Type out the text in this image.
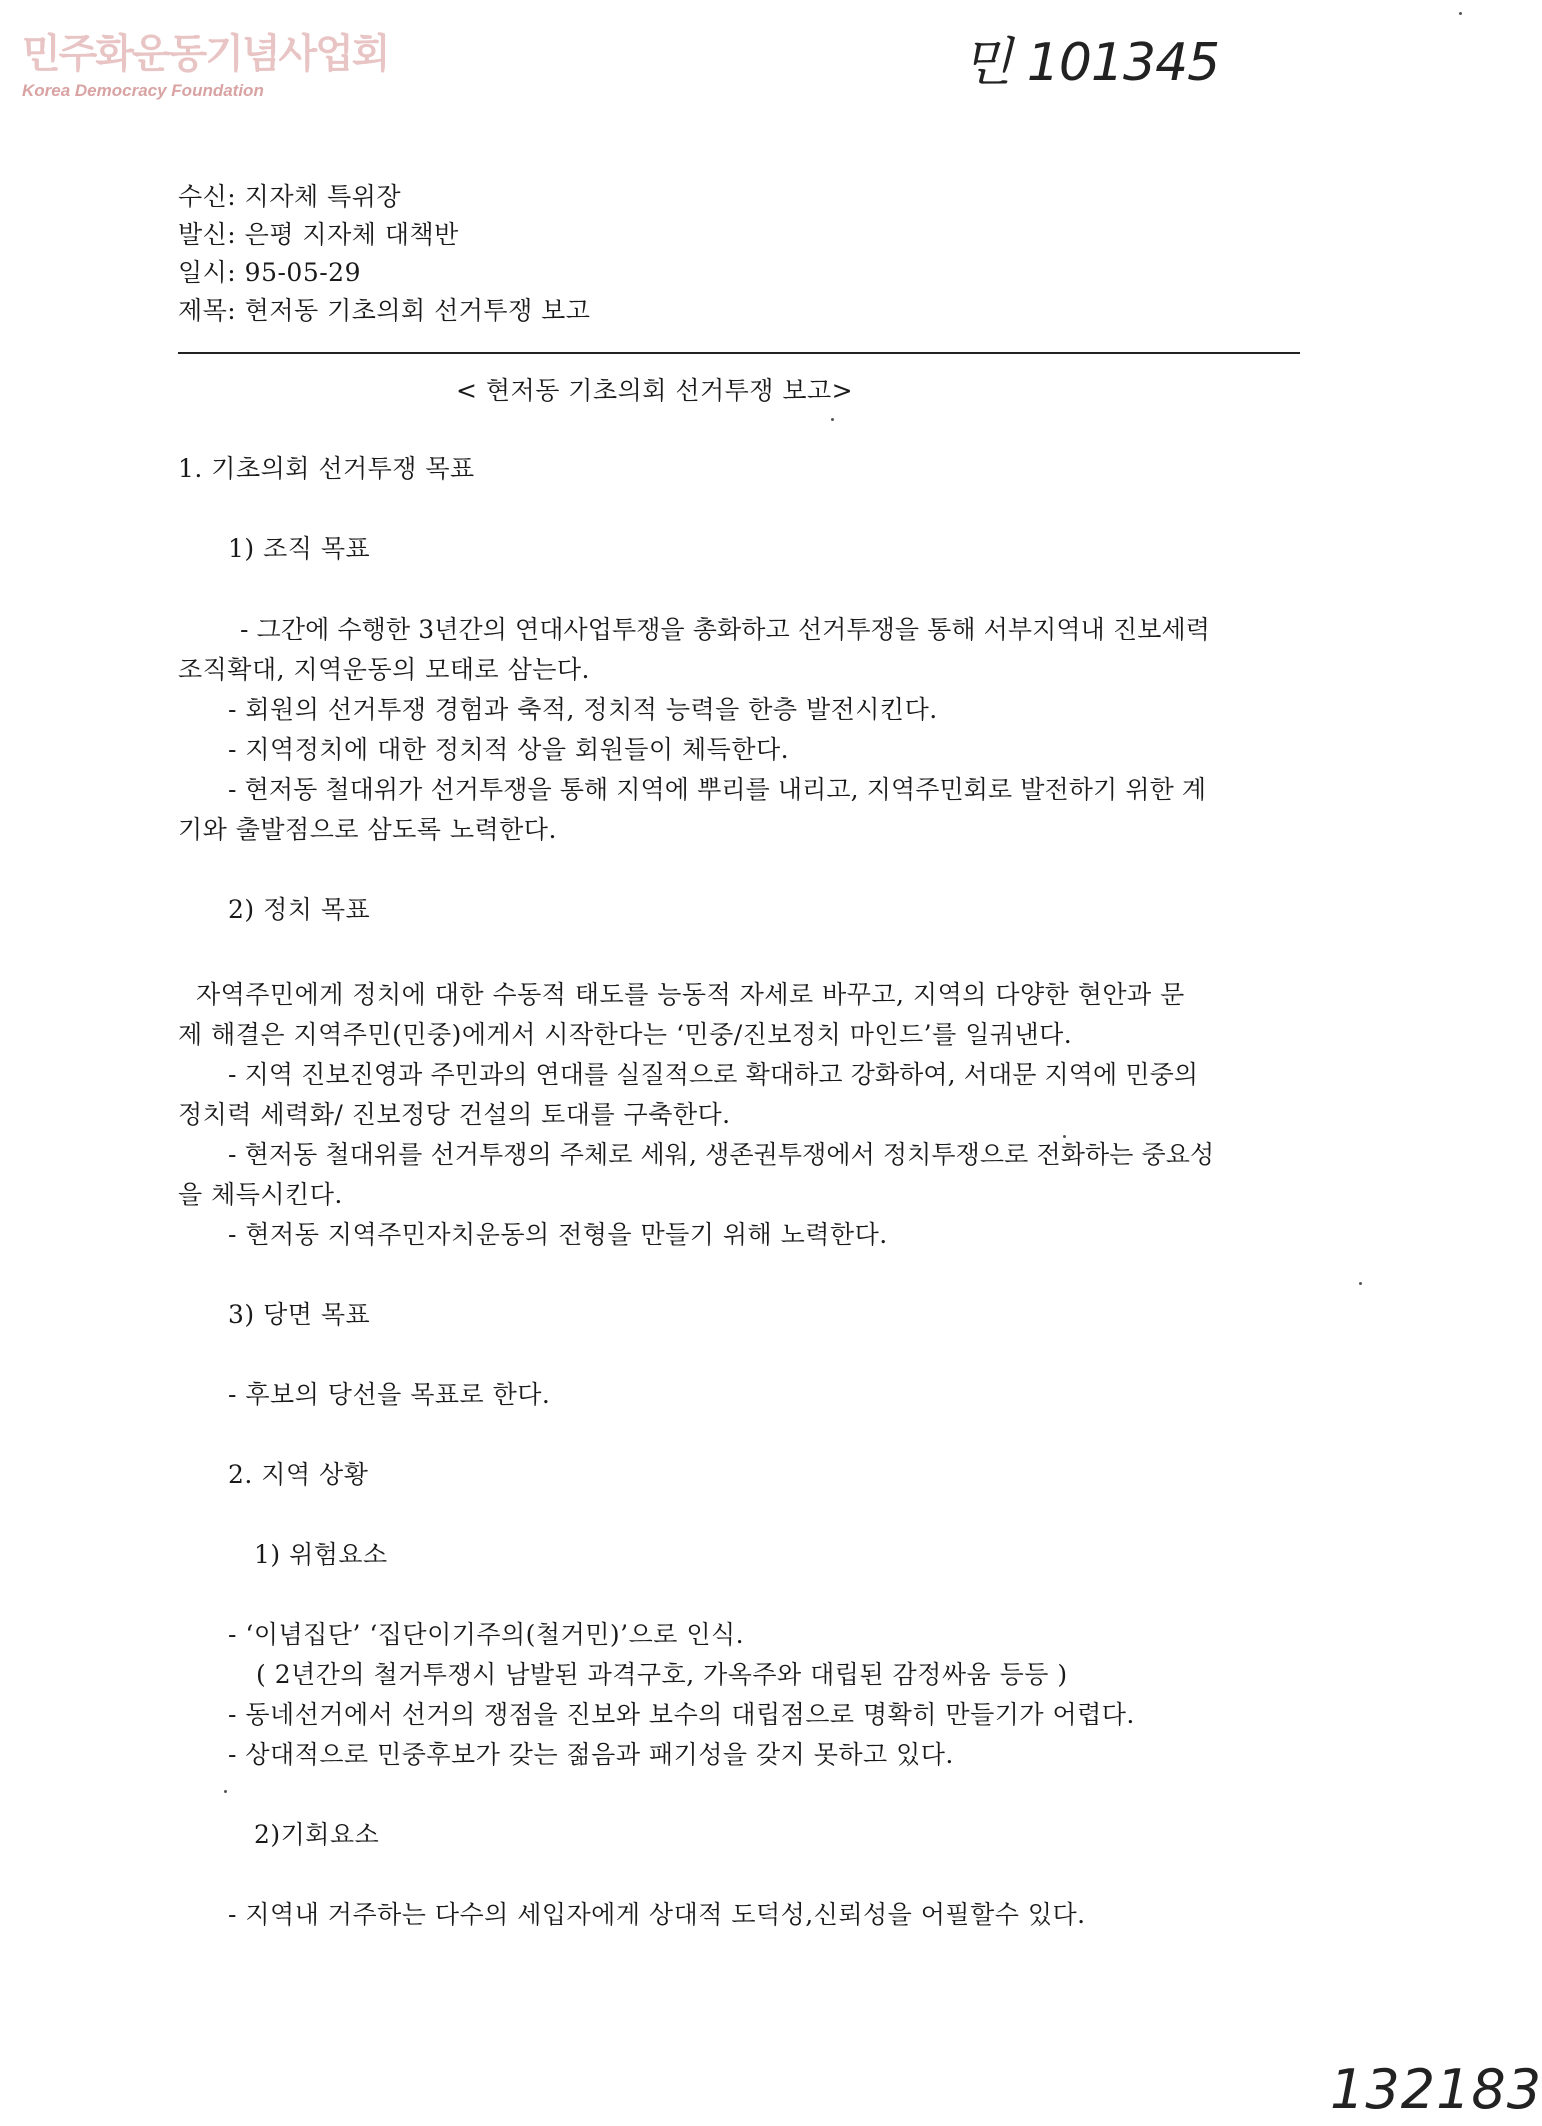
민주화운동기념사업회
Korea Democracy Foundation	민 101345
수신: 지자체 특위장
발신: 은평 지자체 대책반
일시: 95-05-29
제목: 현저동 기초의회 선거투쟁 보고
< 현저동 기초의회 선거투쟁 보고>
1. 기초의회 선거투쟁 목표
1) 조직 목표
- 그간에 수행한 3년간의 연대사업투쟁을 총화하고 선거투쟁을 통해 서부지역내 진보세력
조직확대, 지역운동의 모태로 삼는다.
- 회원의 선거투쟁 경험과 축적, 정치적 능력을 한층 발전시킨다.
- 지역정치에 대한 정치적 상을 회원들이 체득한다.
- 현저동 철대위가 선거투쟁을 통해 지역에 뿌리를 내리고, 지역주민회로 발전하기 위한 계
기와 출발점으로 삼도록 노력한다.
2) 정치 목표
자역주민에게 정치에 대한 수동적 태도를 능동적 자세로 바꾸고, 지역의 다양한 현안과 문
제 해결은 지역주민(민중)에게서 시작한다는 ‘민중/진보정치 마인드’를 일궈낸다.
- 지역 진보진영과 주민과의 연대를 실질적으로 확대하고 강화하여, 서대문 지역에 민중의
정치력 세력화/ 진보정당 건설의 토대를 구축한다.
- 현저동 철대위를 선거투쟁의 주체로 세워, 생존권투쟁에서 정치투쟁으로 전화하는 중요성
을 체득시킨다.
- 현저동 지역주민자치운동의 전형을 만들기 위해 노력한다.
3) 당면 목표
- 후보의 당선을 목표로 한다.
2. 지역 상황
1) 위험요소
- ‘이념집단’ ‘집단이기주의(철거민)’으로 인식.
( 2년간의 철거투쟁시 남발된 과격구호, 가옥주와 대립된 감정싸움 등등 )
- 동네선거에서 선거의 쟁점을 진보와 보수의 대립점으로 명확히 만들기가 어렵다.
- 상대적으로 민중후보가 갖는 젊음과 패기성을 갖지 못하고 있다.
2)기회요소
- 지역내 거주하는 다수의 세입자에게 상대적 도덕성,신뢰성을 어필할수 있다.
132183
